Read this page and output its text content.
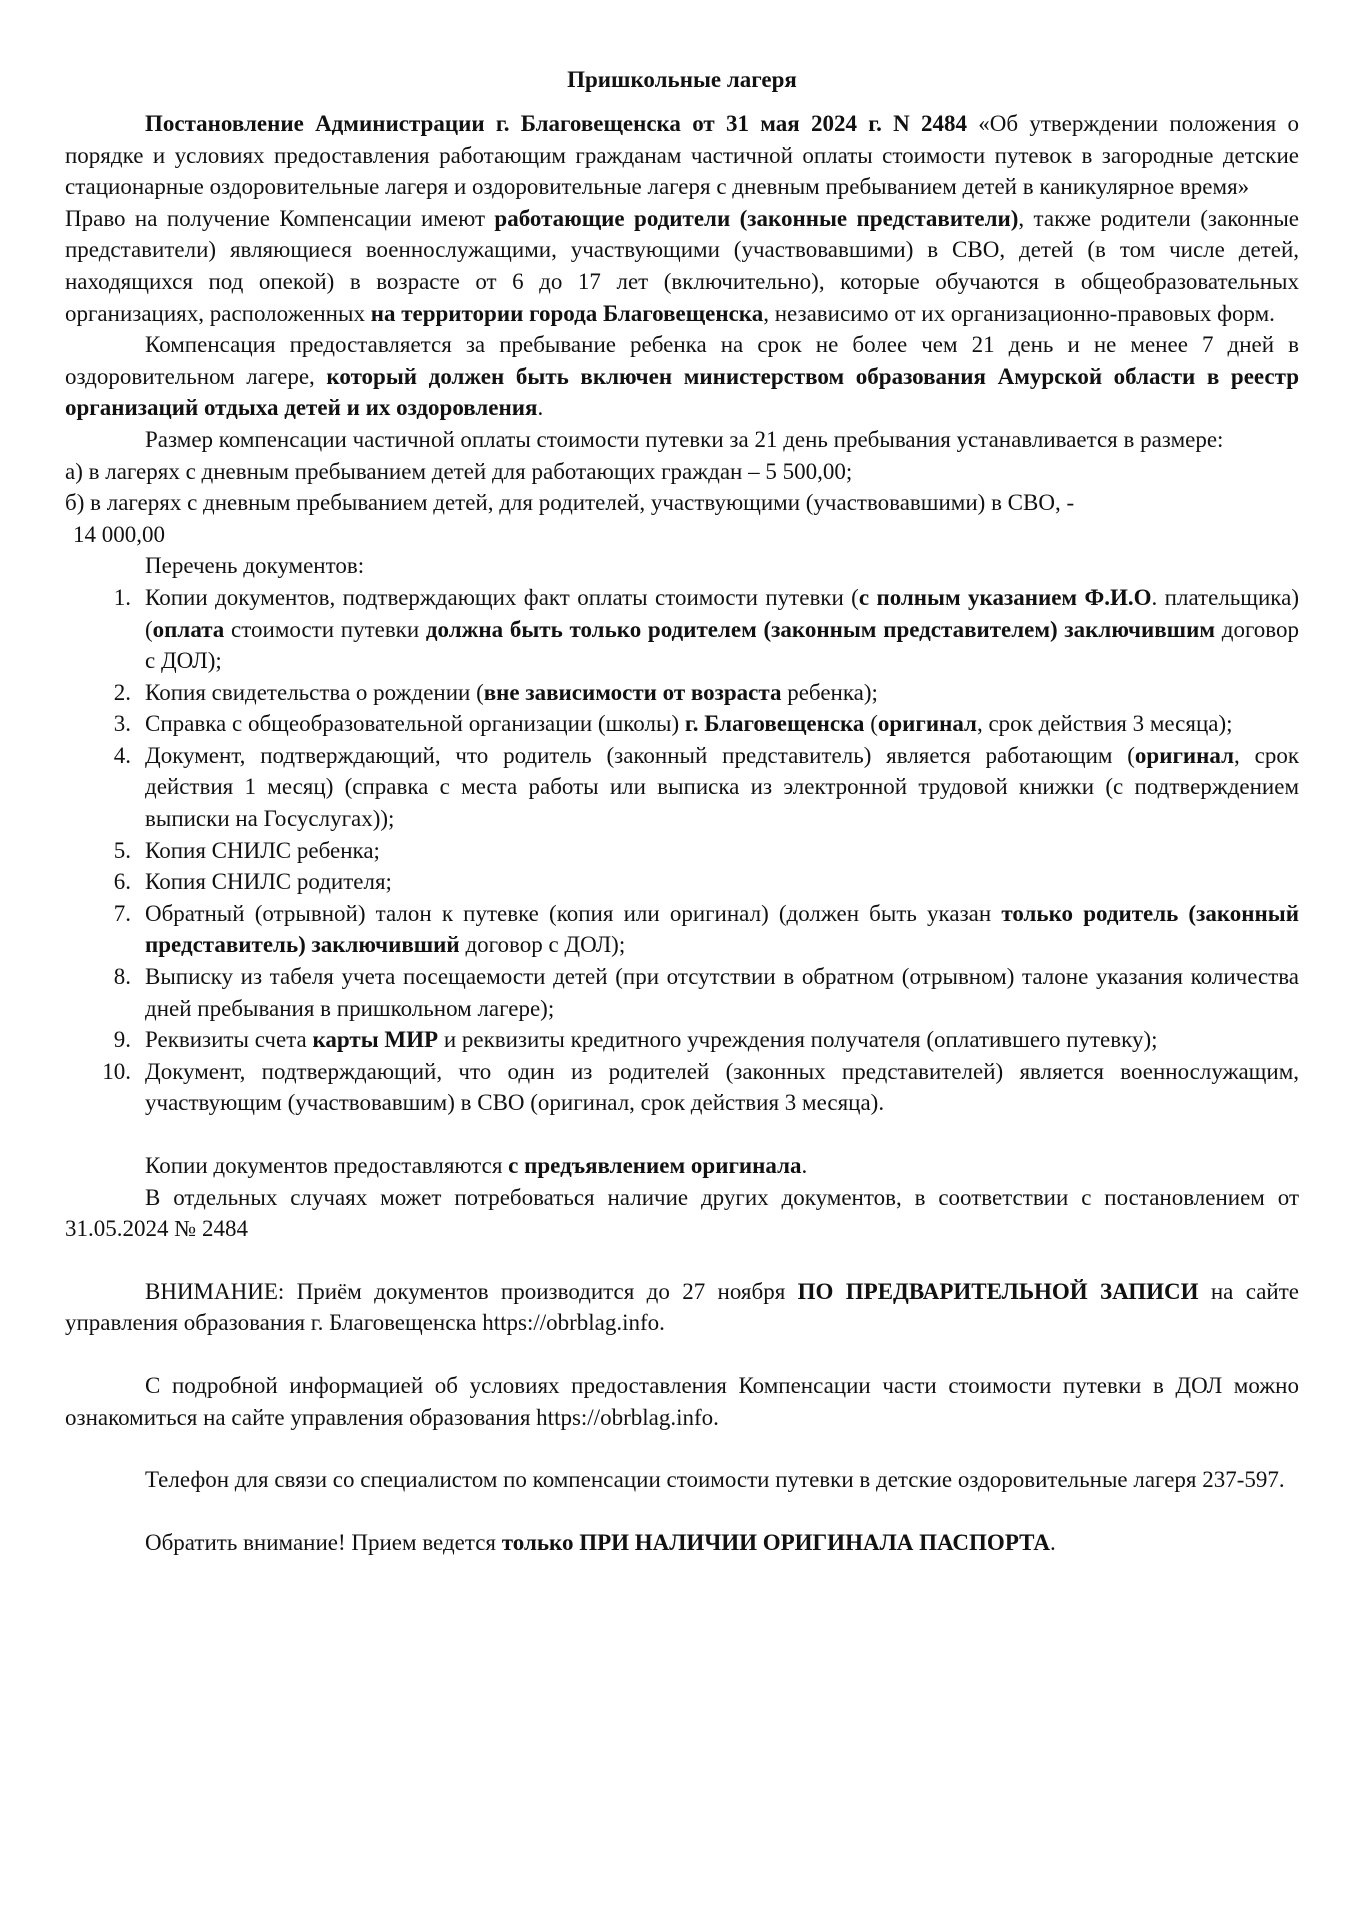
Пришкольные лагеря

Постановление Администрации г. Благовещенска от 31 мая 2024 г. N 2484 «Об утверждении положения о порядке и условиях предоставления работающим гражданам частичной оплаты стоимости путевок в загородные детские стационарные оздоровительные лагеря и оздоровительные лагеря с дневным пребыванием детей в каникулярное время»

Право на получение Компенсации имеют работающие родители (законные представители), также родители (законные представители) являющиеся военнослужащими, участвующими (участвовавшими) в СВО, детей (в том числе детей, находящихся под опекой) в возрасте от 6 до 17 лет (включительно), которые обучаются в общеобразовательных организациях, расположенных на территории города Благовещенска, независимо от их организационно-правовых форм.

Компенсация предоставляется за пребывание ребенка на срок не более чем 21 день и не менее 7 дней в оздоровительном лагере, который должен быть включен министерством образования Амурской области в реестр организаций отдыха детей и их оздоровления.

Размер компенсации частичной оплаты стоимости путевки за 21 день пребывания устанавливается в размере:

а) в лагерях с дневным пребыванием детей для работающих граждан – 5 500,00;

б) в лагерях с дневным пребыванием детей, для родителей, участвующими (участвовавшими) в СВО, -

14 000,00

Перечень документов:

1. Копии документов, подтверждающих факт оплаты стоимости путевки (с полным указанием Ф.И.О. плательщика) (оплата стоимости путевки должна быть только родителем (законным представителем) заключившим договор с ДОЛ);
2. Копия свидетельства о рождении (вне зависимости от возраста ребенка);
3. Справка с общеобразовательной организации (школы) г. Благовещенска (оригинал, срок действия 3 месяца);
4. Документ, подтверждающий, что родитель (законный представитель) является работающим (оригинал, срок действия 1 месяц) (справка с места работы или выписка из электронной трудовой книжки (с подтверждением выписки на Госуслугах));
5. Копия СНИЛС ребенка;
6. Копия СНИЛС родителя;
7. Обратный (отрывной) талон к путевке (копия или оригинал) (должен быть указан только родитель (законный представитель) заключивший договор с ДОЛ);
8. Выписку из табеля учета посещаемости детей (при отсутствии в обратном (отрывном) талоне указания количества дней пребывания в пришкольном лагере);
9. Реквизиты счета карты МИР и реквизиты кредитного учреждения получателя (оплатившего путевку);
10. Документ, подтверждающий, что один из родителей (законных представителей) является военнослужащим, участвующим (участвовавшим) в СВО (оригинал, срок действия 3 месяца).

Копии документов предоставляются с предъявлением оригинала.

В отдельных случаях может потребоваться наличие других документов, в соответствии с постановлением от 31.05.2024 № 2484

ВНИМАНИЕ: Приём документов производится до 27 ноября ПО ПРЕДВАРИТЕЛЬНОЙ ЗАПИСИ на сайте управления образования г. Благовещенска https://obrblag.info.

С подробной информацией об условиях предоставления Компенсации части стоимости путевки в ДОЛ можно ознакомиться на сайте управления образования https://obrblag.info.

Телефон для связи со специалистом по компенсации стоимости путевки в детские оздоровительные лагеря 237-597.

Обратить внимание! Прием ведется только ПРИ НАЛИЧИИ ОРИГИНАЛА ПАСПОРТА.
